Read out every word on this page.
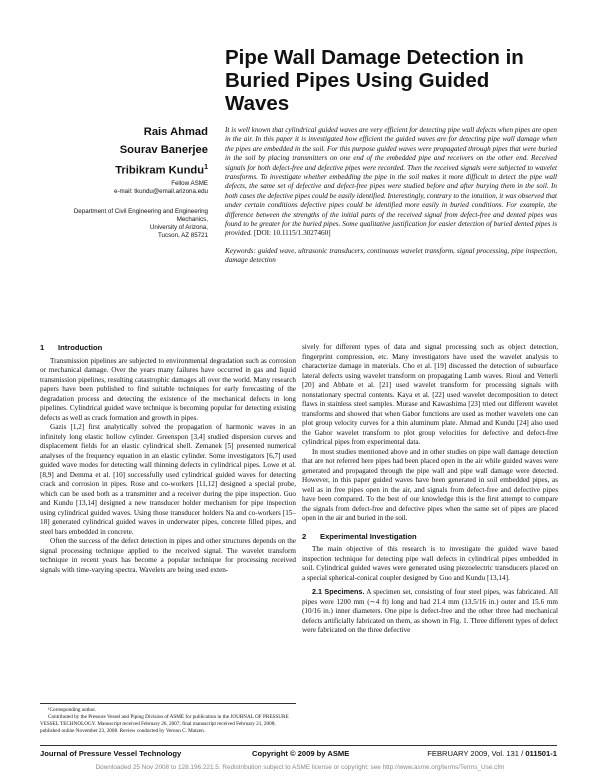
Pipe Wall Damage Detection in Buried Pipes Using Guided Waves
Rais Ahmad
Sourav Banerjee
Tribikram Kundu$^1$
Fellow ASME
e-mail: tkundu@email.arizona.edu
Department of Civil Engineering and Engineering
Mechanics,
University of Arizona,
Tucson, AZ 85721
It is well known that cylindrical guided waves are very efficient for detecting pipe wall defects when pipes are open in the air. In this paper it is investigated how efficient the guided waves are for detecting pipe wall damage when the pipes are embedded in the soil. For this purpose guided waves were propagated through pipes that were buried in the soil by placing transmitters on one end of the embedded pipe and receivers on the other end. Received signals for both defect-free and defective pipes were recorded. Then the received signals were subjected to wavelet transforms. To investigate whether embedding the pipe in the soil makes it more difficult to detect the pipe wall defects, the same set of defective and defect-free pipes were studied before and after burying them in the soil. In both cases the defective pipes could be easily identified. Interestingly, contrary to the intuition, it was observed that under certain conditions defective pipes could be identified more easily in buried conditions. For example, the difference between the strengths of the initial parts of the received signal from defect-free and dented pipes was found to be greater for the buried pipes. Some qualitative justification for easier detection of buried dented pipes is provided. [DOI: 10.1115/1.3027460]
Keywords: guided wave, ultrasonic transducers, continuous wavelet transform, signal processing, pipe inspection, damage detection
1 Introduction

Transmission pipelines are subjected to environmental degradation such as corrosion or mechanical damage. Over the years many failures have occurred in gas and liquid transmission pipelines, resulting catastrophic damages all over the world. Many research papers have been published to find suitable techniques for early forecasting of the degradation process and detecting the existence of the mechanical defects in long pipelines. Cylindrical guided wave technique is becoming popular for detecting existing defects as well as crack formation and growth in pipes.

Gazis [1,2] first analytically solved the propagation of harmonic waves in an infinitely long elastic hollow cylinder. Greenspon [3,4] studied dispersion curves and displacement fields for an elastic cylindrical shell. Zemanek [5] presented numerical analyses of the frequency equation in an elastic cylinder. Some investigators [6,7] used guided wave modes for detecting wall thinning defects in cylindrical pipes. Lowe et al. [8,9] and Demma et al. [10] successfully used cylindrical guided waves for detecting crack and corrosion in pipes. Rose and co-workers [11,12] designed a special probe, which can be used both as a transmitter and a receiver during the pipe inspection. Guo and Kundu [13,14] designed a new transducer holder mechanism for pipe inspection using cylindrical guided waves. Using those transducer holders Na and co-workers [15–18] generated cylindrical guided waves in underwater pipes, concrete filled pipes, and steel bars embedded in concrete.

Often the success of the defect detection in pipes and other structures depends on the signal processing technique applied to the received signal. The wavelet transform technique in recent years has become a popular technique for processing received signals with time-varying spectra. Wavelets are being used exten-

sively for different types of data and signal processing such as object detection, fingerprint compression, etc. Many investigators have used the wavelet analysis to characterize damage in materials. Cho et al. [19] discussed the detection of subsurface lateral defects using wavelet transform on propagating Lamb waves. Rioul and Vetterli [20] and Abbate et al. [21] used wavelet transform for processing signals with nonstationary spectral contents. Kaya et al. [22] used wavelet decomposition to detect flaws in stainless steel samples. Murase and Kawashima [23] tried out different wavelet transforms and showed that when Gabor functions are used as mother wavelets one can plot group velocity curves for a thin aluminum plate. Ahmad and Kundu [24] also used the Gabor wavelet transform to plot group velocities for defective and defect-free cylindrical pipes from experimental data.

In most studies mentioned above and in other studies on pipe wall damage detection that are not referred here pipes had been placed open in the air while guided waves were generated and propagated through the pipe wall and pipe wall damage were detected. However, in this paper guided waves have been generated in soil embedded pipes, as well as in free pipes open in the air, and signals from defect-free and defective pipes have been compared. To the best of our knowledge this is the first attempt to compare the signals from defect-free and defective pipes when the same set of pipes are placed open in the air and buried in the soil.

2 Experimental Investigation

The main objective of this research is to investigate the guided wave based inspection technique for detecting pipe wall defects in cylindrical pipes embedded in soil. Cylindrical guided waves were generated using piezoelectric transducers placed on a special spherical-conical coupler designed by Guo and Kundu [13,14].

2.1 Specimens. A specimen set, consisting of four steel pipes, was fabricated. All pipes were 1200 mm (∼4 ft) long and had 21.4 mm (13.5/16 in.) outer and 15.6 mm (10/16 in.) inner diameters. One pipe is defect-free and the other three had mechanical defects artificially fabricated on them, as shown in Fig. 1. Three different types of defect were fabricated on the three defective

¹Corresponding author.

Contributed by the Pressure Vessel and Piping Division of ASME for publication in the JOURNAL OF PRESSURE VESSEL TECHNOLOGY. Manuscript received February 26, 2007; final manuscript received February 21, 2008; published online November 23, 2008. Review conducted by Vernon C. Matzen.

Journal of Pressure Vessel Technology	Copyright © 2009 by ASME	FEBRUARY 2009, Vol. 131 / 011501-1
Downloaded 25 Nov 2008 to 128.196.221.5. Redistribution subject to ASME license or copyright; see http://www.asme.org/terms/Terms_Use.cfm
